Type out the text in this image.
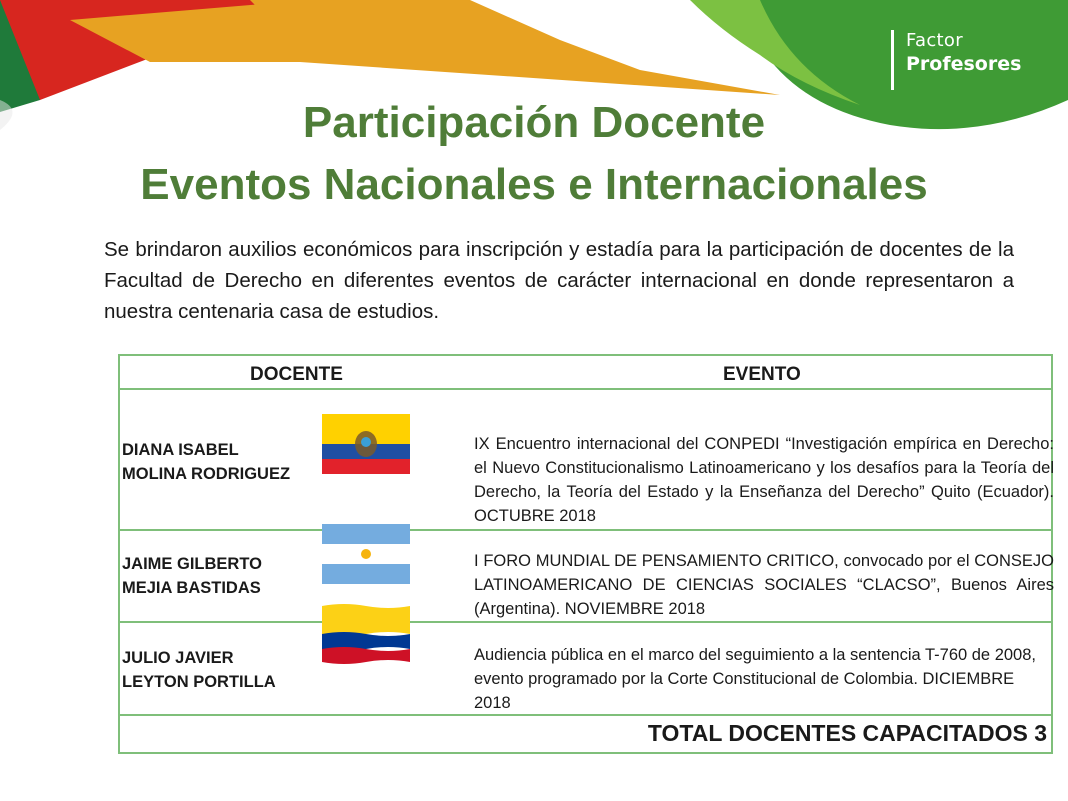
Factor
Profesores
Participación Docente
Eventos Nacionales e Internacionales

Se brindaron auxilios económicos para inscripción y estadía para la participación de docentes de la Facultad de Derecho en diferentes eventos de carácter internacional en donde representaron a nuestra centenaria casa de estudios.

DOCENTE	EVENTO
DIANA ISABEL
MOLINA RODRIGUEZ
IX Encuentro internacional del CONPEDI “Investigación empírica en Derecho: el Nuevo Constitucionalismo Latinoamericano y los desafíos para la Teoría del Derecho, la Teoría del Estado y la Enseñanza del Derecho” Quito (Ecuador). OCTUBRE 2018
JAIME GILBERTO
MEJIA BASTIDAS
I FORO MUNDIAL DE PENSAMIENTO CRITICO, convocado por el CONSEJO LATINOAMERICANO DE CIENCIAS SOCIALES “CLACSO”, Buenos Aires (Argentina). NOVIEMBRE 2018
JULIO JAVIER
LEYTON PORTILLA
Audiencia pública en el marco del seguimiento a la sentencia T-760 de 2008, evento programado por la Corte Constitucional de Colombia. DICIEMBRE 2018
TOTAL DOCENTES CAPACITADOS 3
